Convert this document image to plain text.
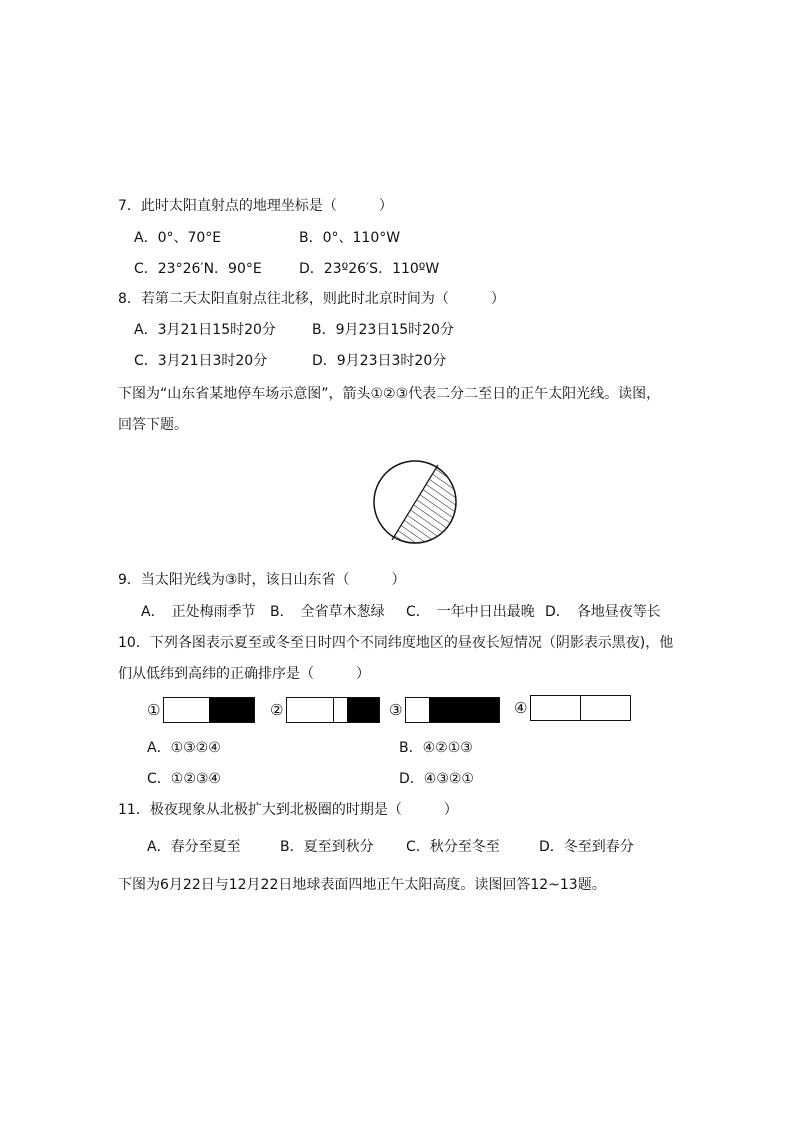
7．此时太阳直射点的地理坐标是（　　　）
A．0°、70°E	B．0°、110°W
C．23°26′N．90°E	D．23º26′S．110ºW
8．若第二天太阳直射点往北移，则此时北京时间为（　　　）
A．3月21日15时20分	B．9月23日15时20分
C．3月21日3时20分	D．9月23日3时20分
下图为“山东省某地停车场示意图”，箭头①②③代表二分二至日的正午太阳光线。读图，
回答下题。
9．当太阳光线为③时，该日山东省（　　　）
A．　正处梅雨季节 B．　全省草木葱绿 C．　一年中日出最晚 D．　各地昼夜等长
10．下列各图表示夏至或冬至日时四个不同纬度地区的昼夜长短情况（阴影表示黑夜)，他
们从低纬到高纬的正确排序是（　　　）
①	②	③	④
A．①③②④	B．④②①③
C．①②③④	D．④③②①
11．极夜现象从北极扩大到北极圈的时期是（　　　）
A．春分至夏至	B．夏至到秋分 C．秋分至冬至	D．冬至到春分
下图为6月22日与12月22日地球表面四地正午太阳高度。读图回答12~13题。
